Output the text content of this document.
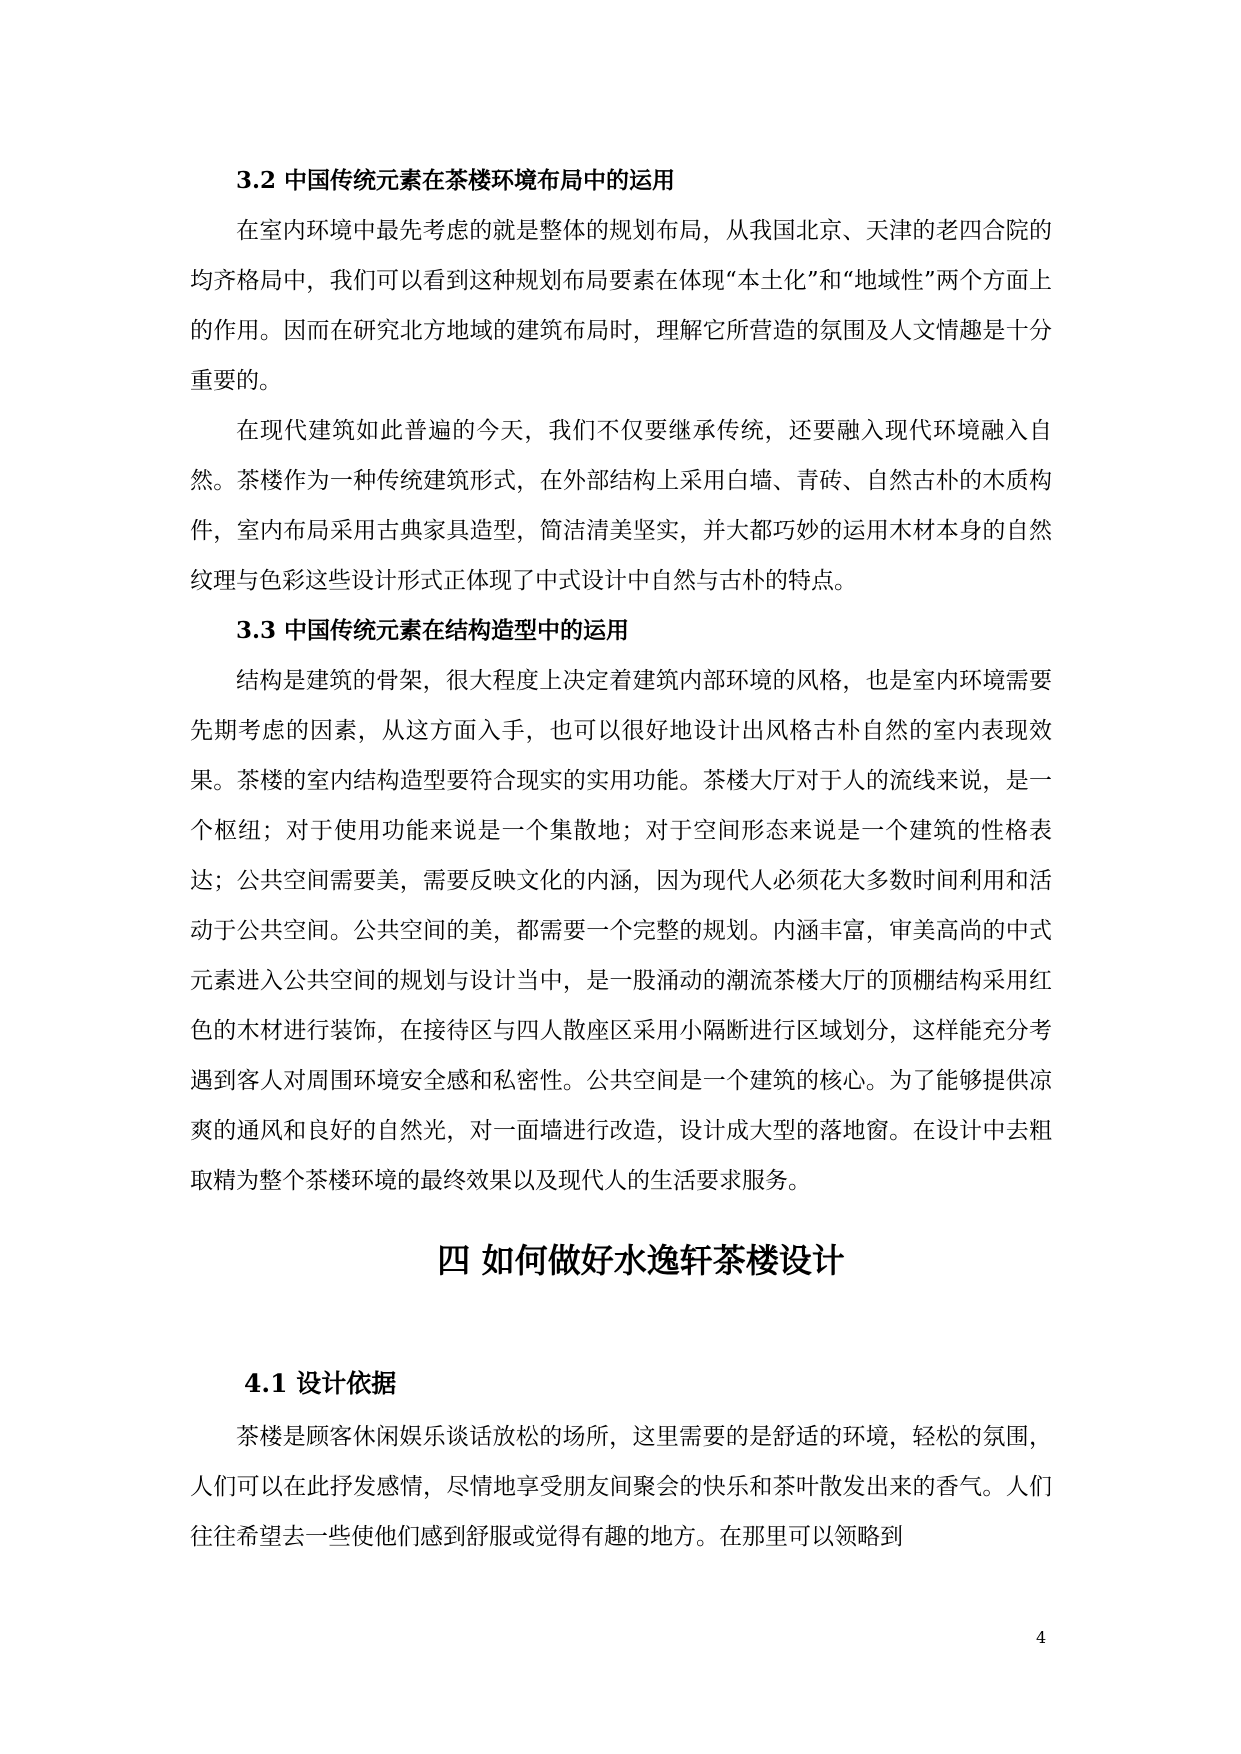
3.2 中国传统元素在茶楼环境布局中的运用

在室内环境中最先考虑的就是整体的规划布局，从我国北京、天津的老四合院的均齐格局中，我们可以看到这种规划布局要素在体现“本土化”和“地域性”两个方面上的作用。因而在研究北方地域的建筑布局时，理解它所营造的氛围及人文情趣是十分重要的。

在现代建筑如此普遍的今天，我们不仅要继承传统，还要融入现代环境融入自然。茶楼作为一种传统建筑形式，在外部结构上采用白墙、青砖、自然古朴的木质构件，室内布局采用古典家具造型，简洁清美坚实，并大都巧妙的运用木材本身的自然纹理与色彩这些设计形式正体现了中式设计中自然与古朴的特点。

3.3 中国传统元素在结构造型中的运用

结构是建筑的骨架，很大程度上决定着建筑内部环境的风格，也是室内环境需要先期考虑的因素，从这方面入手，也可以很好地设计出风格古朴自然的室内表现效果。茶楼的室内结构造型要符合现实的实用功能。茶楼大厅对于人的流线来说，是一个枢纽；对于使用功能来说是一个集散地；对于空间形态来说是一个建筑的性格表达；公共空间需要美，需要反映文化的内涵，因为现代人必须花大多数时间利用和活动于公共空间。公共空间的美，都需要一个完整的规划。内涵丰富，审美高尚的中式元素进入公共空间的规划与设计当中，是一股涌动的潮流茶楼大厅的顶棚结构采用红色的木材进行装饰，在接待区与四人散座区采用小隔断进行区域划分，这样能充分考遇到客人对周围环境安全感和私密性。公共空间是一个建筑的核心。为了能够提供凉爽的通风和良好的自然光，对一面墙进行改造，设计成大型的落地窗。在设计中去粗取精为整个茶楼环境的最终效果以及现代人的生活要求服务。

四 如何做好水逸轩茶楼设计
4.1 设计依据

茶楼是顾客休闲娱乐谈话放松的场所，这里需要的是舒适的环境，轻松的氛围，人们可以在此抒发感情，尽情地享受朋友间聚会的快乐和茶叶散发出来的香气。人们往往希望去一些使他们感到舒服或觉得有趣的地方。在那里可以领略到

4
